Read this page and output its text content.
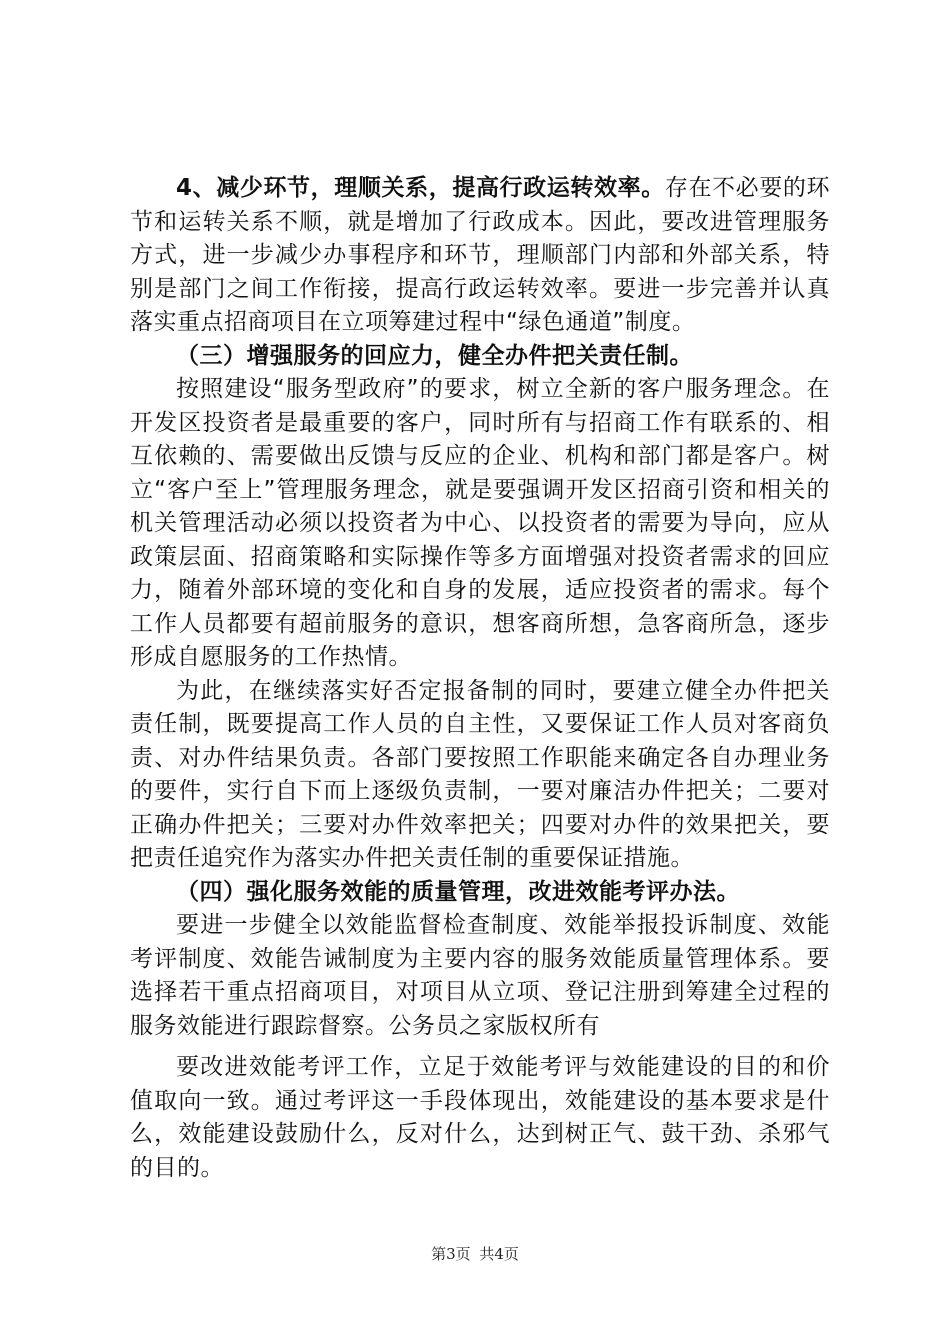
4、减少环节，理顺关系，提高行政运转效率。存在不必要的环节和运转关系不顺，就是增加了行政成本。因此，要改进管理服务方式，进一步减少办事程序和环节，理顺部门内部和外部关系，特别是部门之间工作衔接，提高行政运转效率。要进一步完善并认真落实重点招商项目在立项筹建过程中“绿色通道”制度。

（三）增强服务的回应力，健全办件把关责任制。

按照建设“服务型政府”的要求，树立全新的客户服务理念。在开发区投资者是最重要的客户，同时所有与招商工作有联系的、相互依赖的、需要做出反馈与反应的企业、机构和部门都是客户。树立“客户至上”管理服务理念，就是要强调开发区招商引资和相关的机关管理活动必须以投资者为中心、以投资者的需要为导向，应从政策层面、招商策略和实际操作等多方面增强对投资者需求的回应力，随着外部环境的变化和自身的发展，适应投资者的需求。每个工作人员都要有超前服务的意识，想客商所想，急客商所急，逐步形成自愿服务的工作热情。

为此，在继续落实好否定报备制的同时，要建立健全办件把关责任制，既要提高工作人员的自主性，又要保证工作人员对客商负责、对办件结果负责。各部门要按照工作职能来确定各自办理业务的要件，实行自下而上逐级负责制，一要对廉洁办件把关；二要对正确办件把关；三要对办件效率把关；四要对办件的效果把关，要把责任追究作为落实办件把关责任制的重要保证措施。

（四）强化服务效能的质量管理，改进效能考评办法。

要进一步健全以效能监督检查制度、效能举报投诉制度、效能考评制度、效能告诫制度为主要内容的服务效能质量管理体系。要选择若干重点招商项目，对项目从立项、登记注册到筹建全过程的服务效能进行跟踪督察。公务员之家版权所有

要改进效能考评工作，立足于效能考评与效能建设的目的和价值取向一致。通过考评这一手段体现出，效能建设的基本要求是什么，效能建设鼓励什么，反对什么，达到树正气、鼓干劲、杀邪气的目的。

第3页 共4页
